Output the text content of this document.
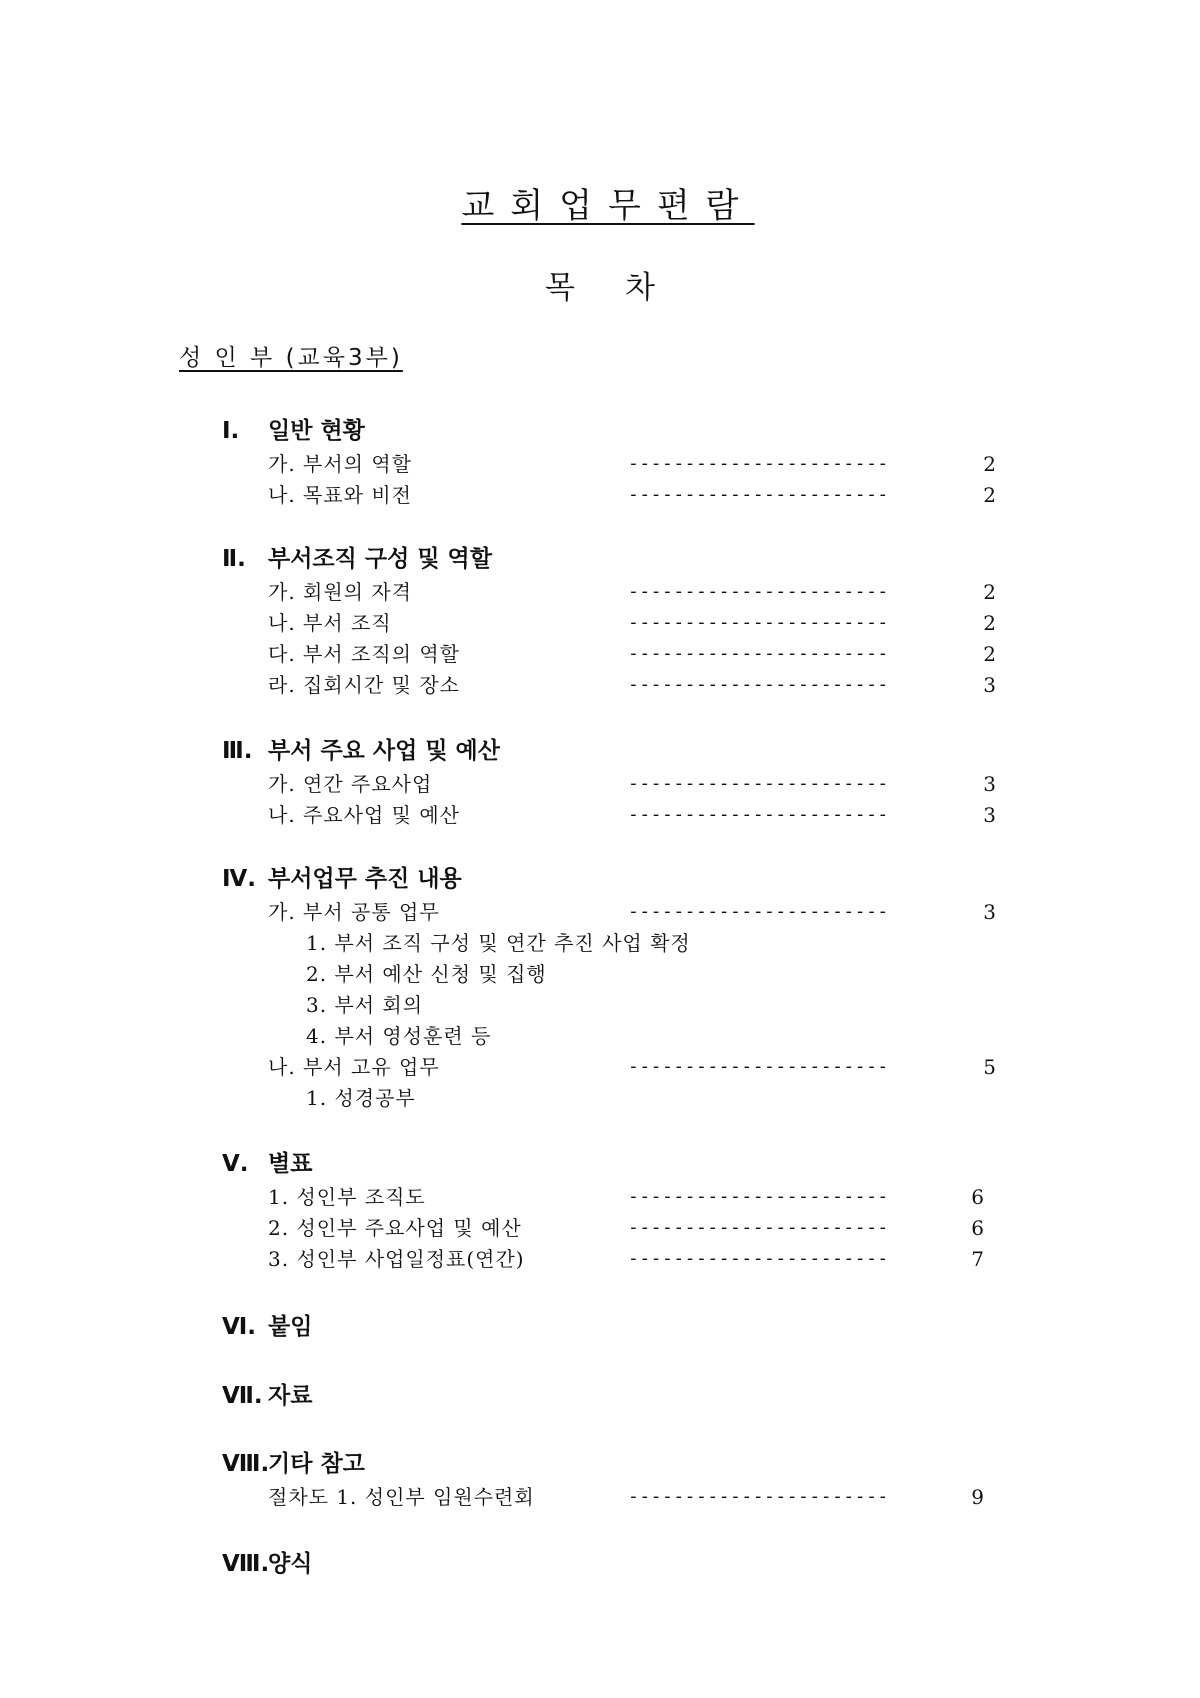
교회업무편람
목차
성 인 부 (교육3부)
Ⅰ. 일반 현황
가. 부서의 역할	-----------------------	2
나. 목표와 비전	-----------------------	2
Ⅱ. 부서조직 구성 및 역할
가. 회원의 자격	-----------------------	2
나. 부서 조직	-----------------------	2
다. 부서 조직의 역할	-----------------------	2
라. 집회시간 및 장소	-----------------------	3
Ⅲ. 부서 주요 사업 및 예산
가. 연간 주요사업	-----------------------	3
나. 주요사업 및 예산	-----------------------	3
Ⅳ. 부서업무 추진 내용
가. 부서 공통 업무	-----------------------	3
1. 부서 조직 구성 및 연간 추진 사업 확정
2. 부서 예산 신청 및 집행
3. 부서 회의
4. 부서 영성훈련 등
나. 부서 고유 업무	-----------------------	5
1. 성경공부
Ⅴ. 별표
1. 성인부 조직도	-----------------------	6
2. 성인부 주요사업 및 예산	-----------------------	6
3. 성인부 사업일정표(연간)	-----------------------	7
Ⅵ. 붙임
Ⅶ. 자료
Ⅷ.기타 참고
절차도 1. 성인부 임원수련회	-----------------------	9
Ⅷ.양식
